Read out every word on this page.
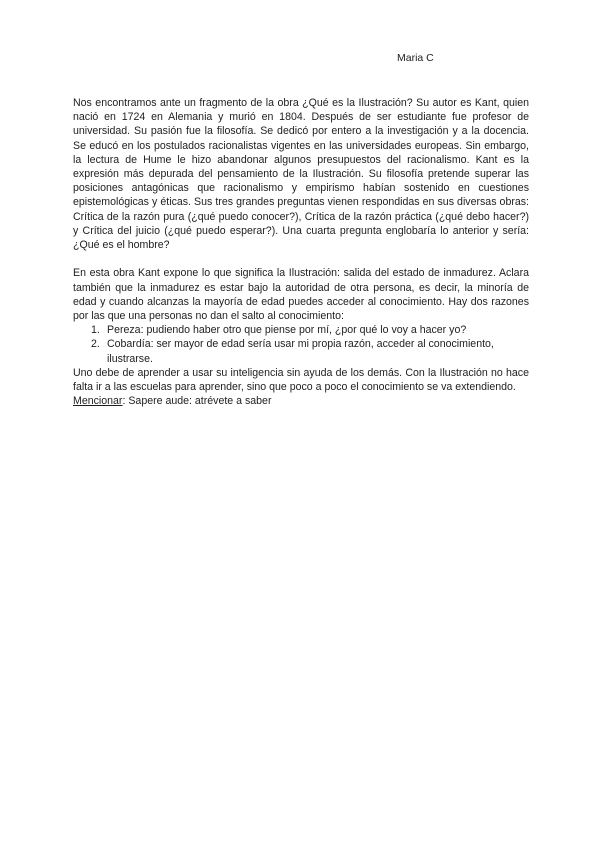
Maria C

Nos encontramos ante un fragmento de la obra ¿Qué es la Ilustración? Su autor es Kant, quien nació en 1724 en Alemania y murió en 1804. Después de ser estudiante fue profesor de universidad. Su pasión fue la filosofía. Se dedicó por entero a la investigación y a la docencia. Se educó en los postulados racionalistas vigentes en las universidades europeas. Sin embargo, la lectura de Hume le hizo abandonar algunos presupuestos del racionalismo. Kant es la expresión más depurada del pensamiento de la Ilustración. Su filosofía pretende superar las posiciones antagónicas que racionalismo y empirismo habían sostenido en cuestiones epistemológicas y éticas. Sus tres grandes preguntas vienen respondidas en sus diversas obras: Crítica de la razón pura (¿qué puedo conocer?), Crítica de la razón práctica (¿qué debo hacer?) y Crítica del juicio (¿qué puedo esperar?). Una cuarta pregunta englobaría lo anterior y sería: ¿Qué es el hombre?

En esta obra Kant expone lo que significa la Ilustración: salida del estado de inmadurez. Aclara también que la inmadurez es estar bajo la autoridad de otra persona, es decir, la minoría de edad y cuando alcanzas la mayoría de edad puedes acceder al conocimiento. Hay dos razones por las que una personas no dan el salto al conocimiento:

1. Pereza: pudiendo haber otro que piense por mí, ¿por qué lo voy a hacer yo?
2. Cobardía: ser mayor de edad sería usar mi propia razón, acceder al conocimiento, ilustrarse.

Uno debe de aprender a usar su inteligencia sin ayuda de los demás. Con la Ilustración no hace falta ir a las escuelas para aprender, sino que poco a poco el conocimiento se va extendiendo.

Mencionar: Sapere aude: atrévete a saber
